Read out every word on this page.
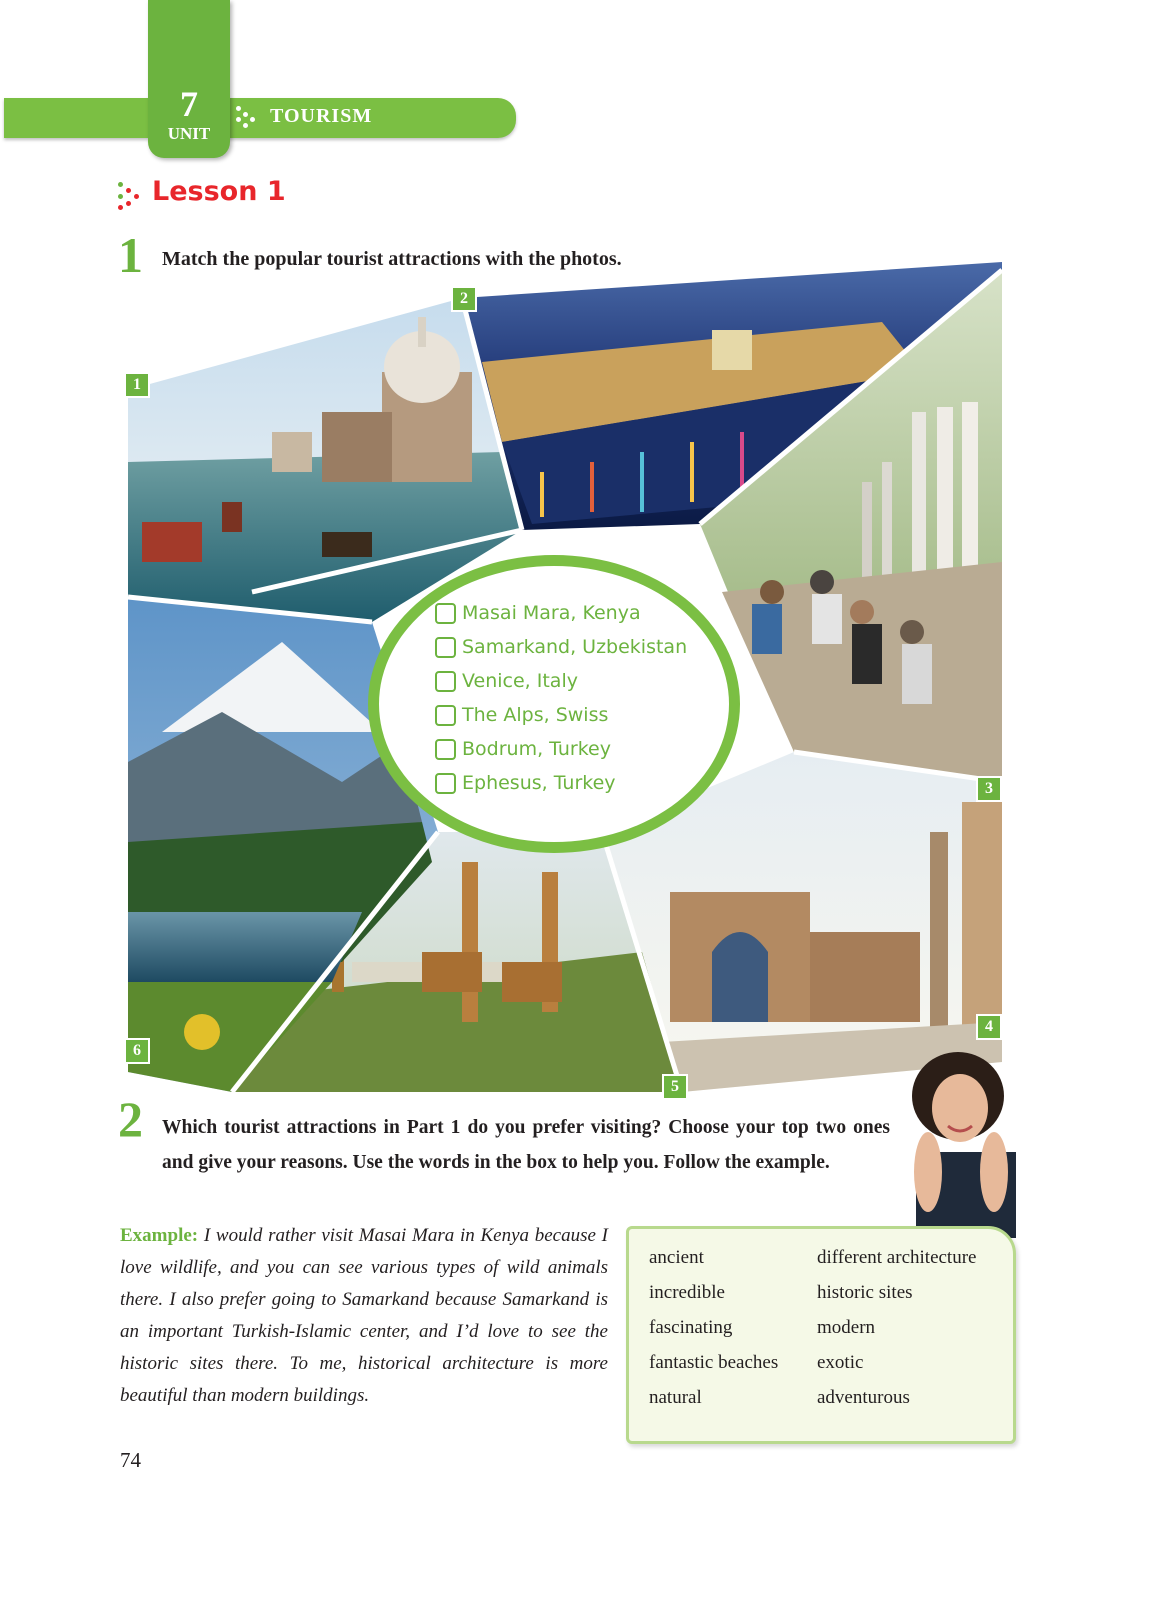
7
UNIT
TOURISM
Lesson 1
1 Match the popular tourist attractions with the photos.
1
2
3
4
5
6
Masai Mara, Kenya
Samarkand, Uzbekistan
Venice, Italy
The Alps, Swiss
Bodrum, Turkey
Ephesus, Turkey
2 Which tourist attractions in Part 1 do you prefer visiting? Choose your top two ones and give your reasons. Use the words in the box to help you. Follow the example.
Example: I would rather visit Masai Mara in Kenya because I love wildlife, and you can see various types of wild animals there. I also prefer going to Samarkand because Samarkand is an important Turkish-Islamic center, and I’d love to see the historic sites there. To me, historical architecture is more beautiful than modern buildings.
ancient
incredible
fascinating
fantastic beaches
natural
different architecture
historic sites
modern
exotic
adventurous
74
